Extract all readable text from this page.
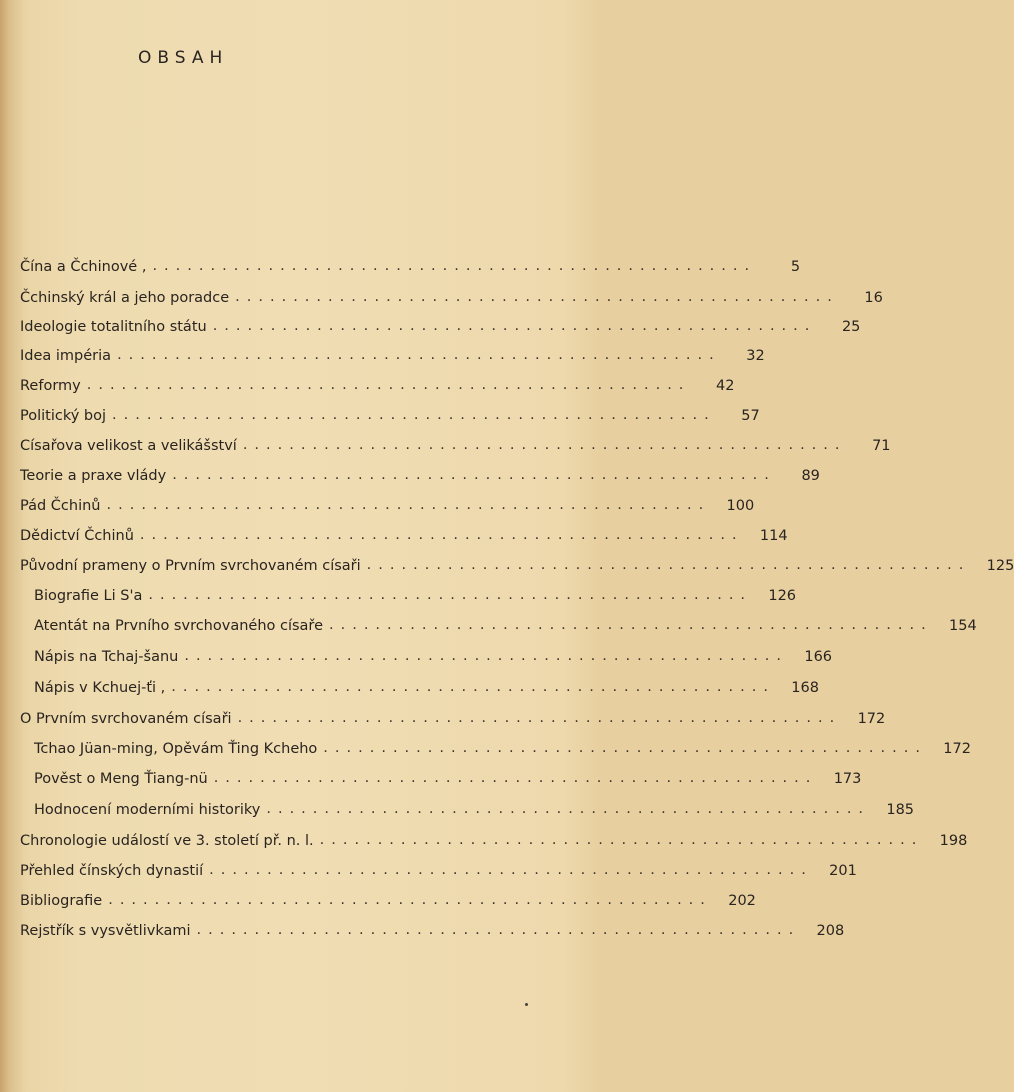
OBSAH
Čína a Čchinové , ....................................................	5
Čchinský král a jeho poradce ....................................................	16
Ideologie totalitního státu ....................................................	25
Idea impéria ....................................................	32
Reformy ....................................................	42
Politický boj ....................................................	57
Císařova velikost a velikášství ....................................................	71
Teorie a praxe vlády ....................................................	89
Pád Čchinů ....................................................	100
Dědictví Čchinů ....................................................	114
Původní prameny o Prvním svrchovaném císaři ....................................................	125
Biografie Li S'a ....................................................	126
Atentát na Prvního svrchovaného císaře ....................................................	154
Nápis na Tchaj-šanu ....................................................	166
Nápis v Kchuej-ťi , ....................................................	168
O Prvním svrchovaném císaři ....................................................	172
Tchao Jüan-ming, Opěvám Ťing Kcheho ....................................................	172
Pověst o Meng Ťiang-nü ....................................................	173
Hodnocení moderními historiky ....................................................	185
Chronologie událostí ve 3. století př. n. l. ....................................................	198
Přehled čínských dynastií ....................................................	201
Bibliografie ....................................................	202
Rejstřík s vysvětlivkami ....................................................	208
